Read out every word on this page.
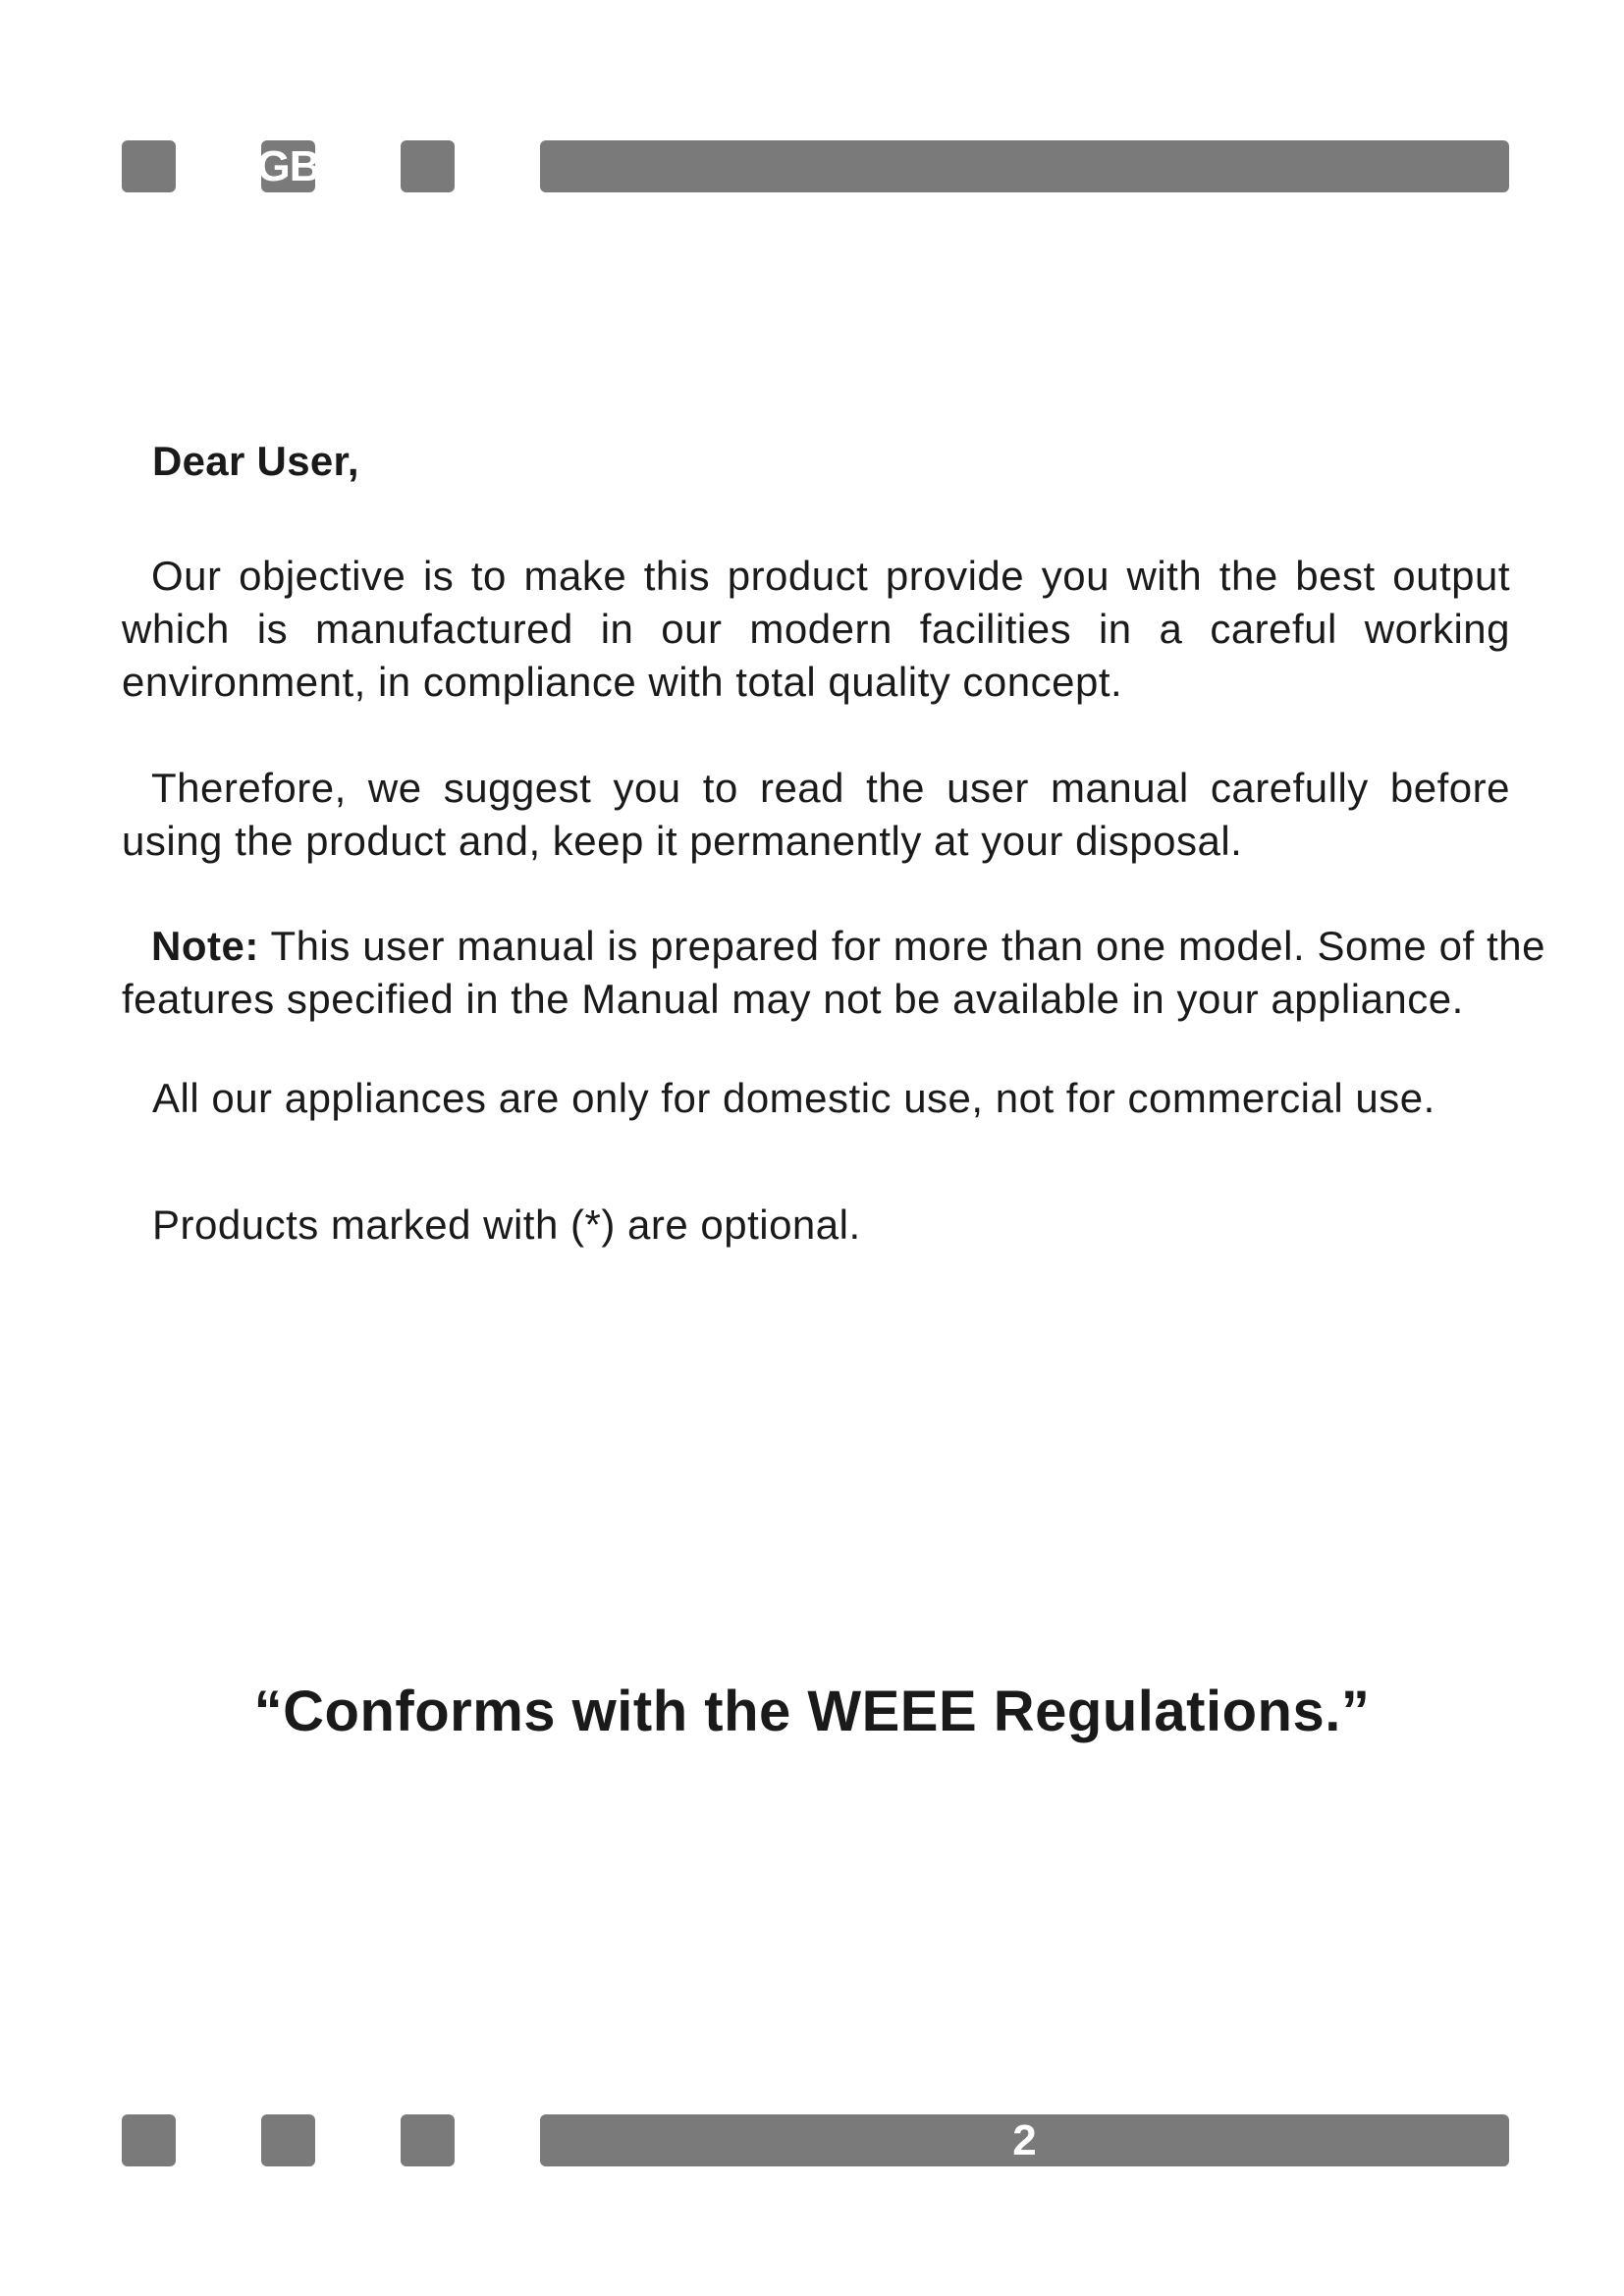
GB
Dear User,
Our objective is to make this product provide you with the best output which is manufactured in our modern facilities in a careful working environment, in compliance with total quality concept.
Therefore, we suggest you to read the user manual carefully before using the product and, keep it permanently at your disposal.
Note: This user manual is prepared for more than one model. Some of the features specified in the Manual may not be available in your appliance.
All our appliances are only for domestic use, not for commercial use.
Products marked with (*) are optional.
“Conforms with the WEEE Regulations.”
2
